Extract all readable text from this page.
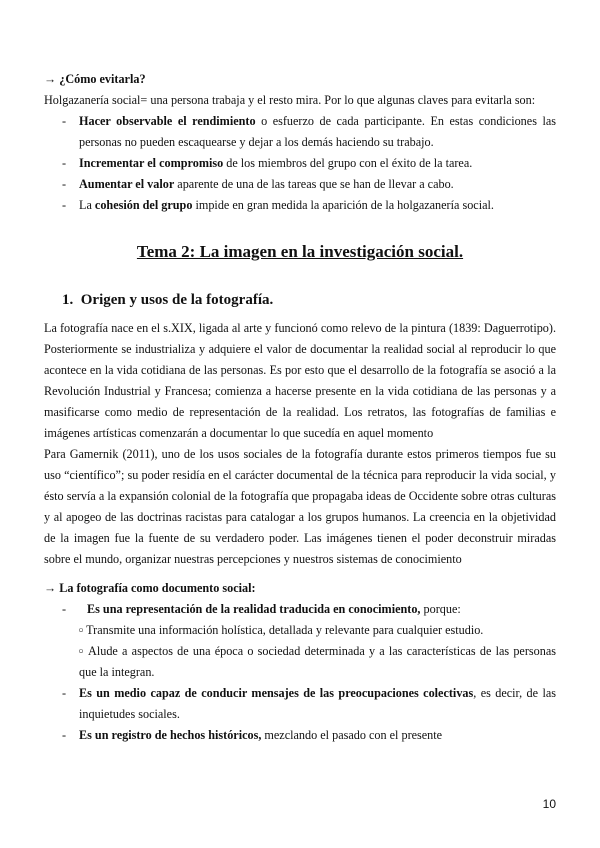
→ ¿Cómo evitarla?
Holgazanería social= una persona trabaja y el resto mira. Por lo que algunas claves para evitarla son:
- Hacer observable el rendimiento o esfuerzo de cada participante. En estas condiciones las personas no pueden escaquearse y dejar a los demás haciendo su trabajo.
- Incrementar el compromiso de los miembros del grupo con el éxito de la tarea.
- Aumentar el valor aparente de una de las tareas que se han de llevar a cabo.
- La cohesión del grupo impide en gran medida la aparición de la holgazanería social.
Tema 2: La imagen en la investigación social.
1. Origen y usos de la fotografía.
La fotografía nace en el s.XIX, ligada al arte y funcionó como relevo de la pintura (1839: Daguerrotipo). Posteriormente se industrializa y adquiere el valor de documentar la realidad social al reproducir lo que acontece en la vida cotidiana de las personas. Es por esto que el desarrollo de la fotografía se asoció a la Revolución Industrial y Francesa; comienza a hacerse presente en la vida cotidiana de las personas y a masificarse como medio de representación de la realidad. Los retratos, las fotografías de familias e imágenes artísticas comenzarán a documentar lo que sucedía en aquel momento
Para Gamernik (2011), uno de los usos sociales de la fotografía durante estos primeros tiempos fue su uso “científico”; su poder residía en el carácter documental de la técnica para reproducir la vida social, y ésto servía a la expansión colonial de la fotografía que propagaba ideas de Occidente sobre otras culturas y al apogeo de las doctrinas racistas para catalogar a los grupos humanos. La creencia en la objetividad de la imagen fue la fuente de su verdadero poder. Las imágenes tienen el poder deconstruir miradas sobre el mundo, organizar nuestras percepciones y nuestros sistemas de conocimiento
→ La fotografía como documento social:
- Es una representación de la realidad traducida en conocimiento, porque:
▫ Transmite una información holística, detallada y relevante para cualquier estudio.
▫ Alude a aspectos de una época o sociedad determinada y a las características de las personas que la integran.
- Es un medio capaz de conducir mensajes de las preocupaciones colectivas, es decir, de las inquietudes sociales.
- Es un registro de hechos históricos, mezclando el pasado con el presente
10
